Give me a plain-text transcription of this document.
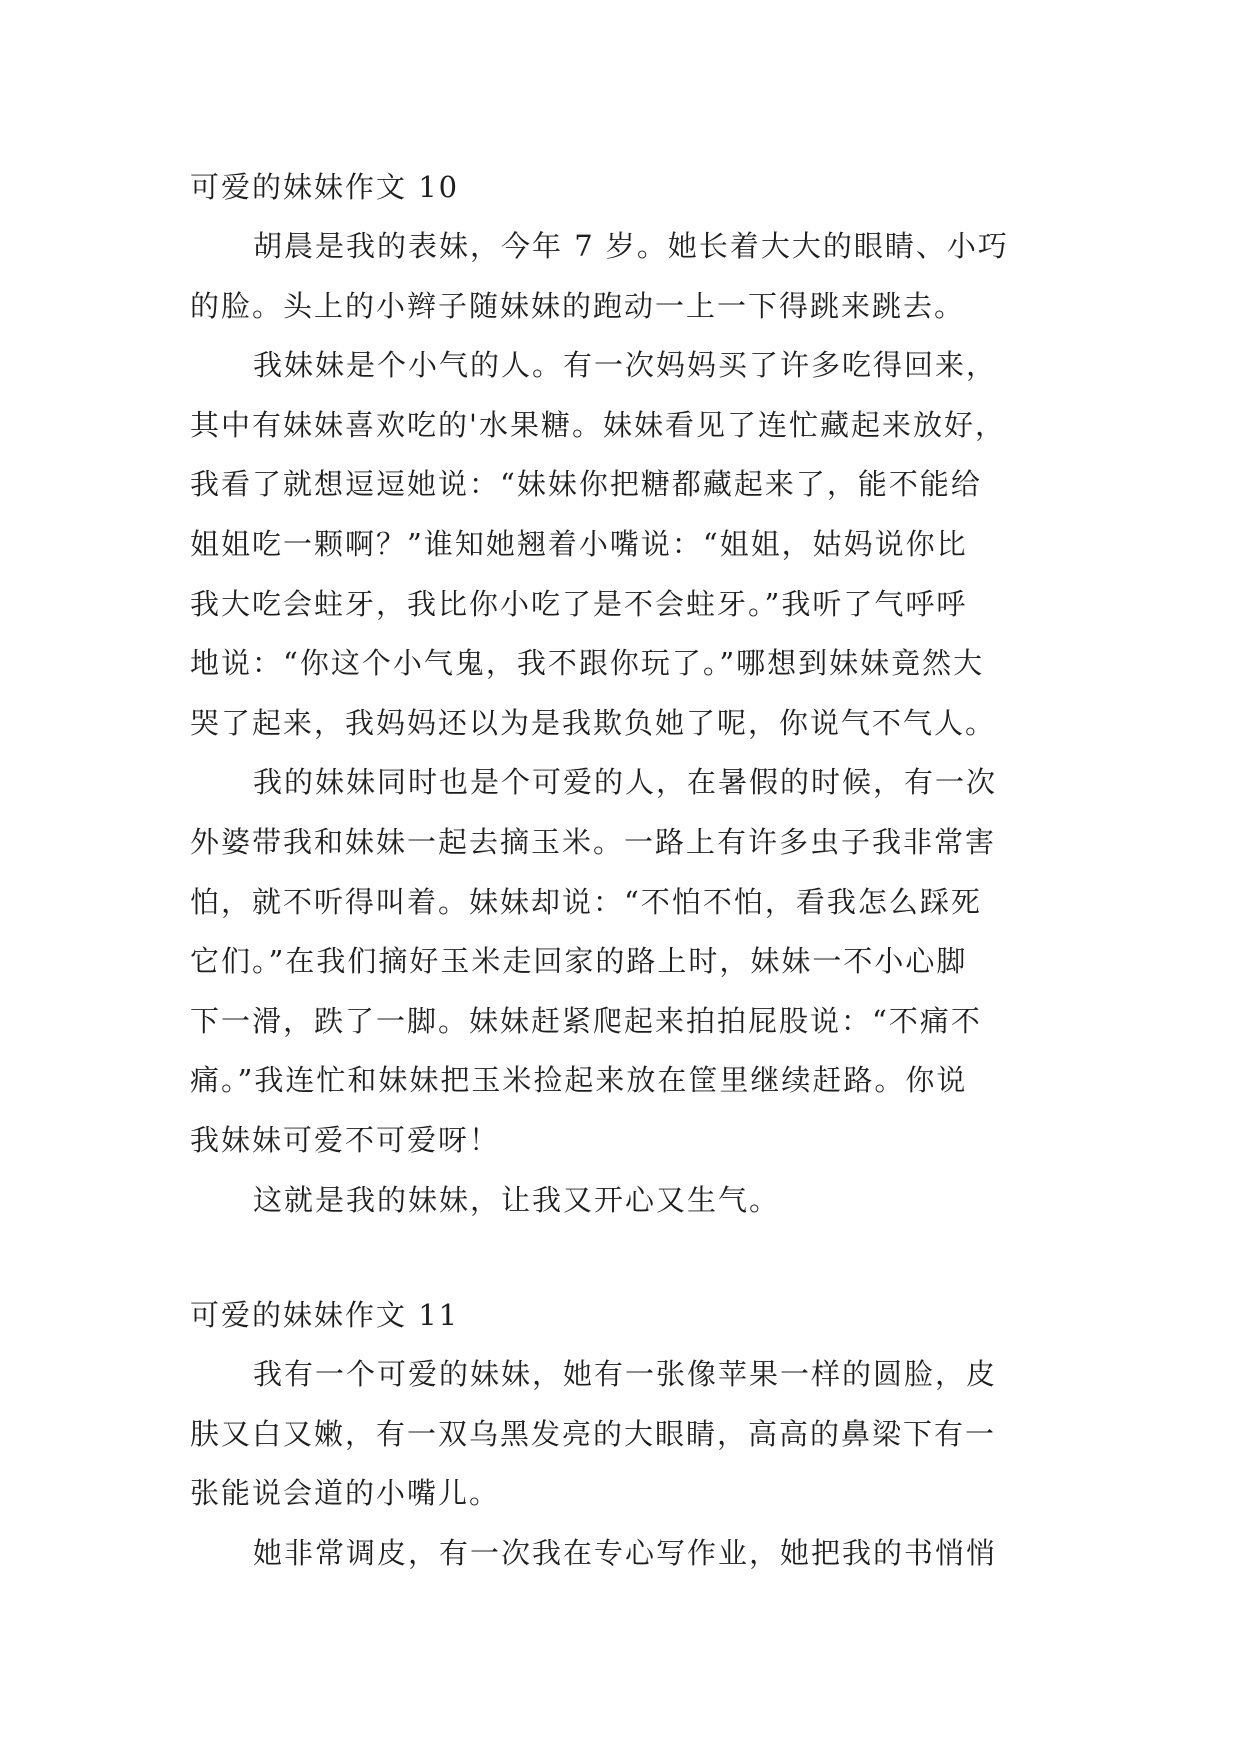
可爱的妹妹作文 10
胡晨是我的表妹，今年 7 岁。她长着大大的眼睛、小巧
的脸。头上的小辫子随妹妹的跑动一上一下得跳来跳去。
我妹妹是个小气的人。有一次妈妈买了许多吃得回来，
其中有妹妹喜欢吃的'水果糖。妹妹看见了连忙藏起来放好，
我看了就想逗逗她说：“妹妹你把糖都藏起来了，能不能给
姐姐吃一颗啊？”谁知她翘着小嘴说：“姐姐，姑妈说你比
我大吃会蛀牙，我比你小吃了是不会蛀牙。”我听了气呼呼
地说：“你这个小气鬼，我不跟你玩了。”哪想到妹妹竟然大
哭了起来，我妈妈还以为是我欺负她了呢，你说气不气人。
我的妹妹同时也是个可爱的人，在暑假的时候，有一次
外婆带我和妹妹一起去摘玉米。一路上有许多虫子我非常害
怕，就不听得叫着。妹妹却说：“不怕不怕，看我怎么踩死
它们。”在我们摘好玉米走回家的路上时，妹妹一不小心脚
下一滑，跌了一脚。妹妹赶紧爬起来拍拍屁股说：“不痛不
痛。”我连忙和妹妹把玉米捡起来放在筐里继续赶路。你说
我妹妹可爱不可爱呀！
这就是我的妹妹，让我又开心又生气。
可爱的妹妹作文 11
我有一个可爱的妹妹，她有一张像苹果一样的圆脸，皮
肤又白又嫩，有一双乌黑发亮的大眼睛，高高的鼻梁下有一
张能说会道的小嘴儿。
她非常调皮，有一次我在专心写作业，她把我的书悄悄
